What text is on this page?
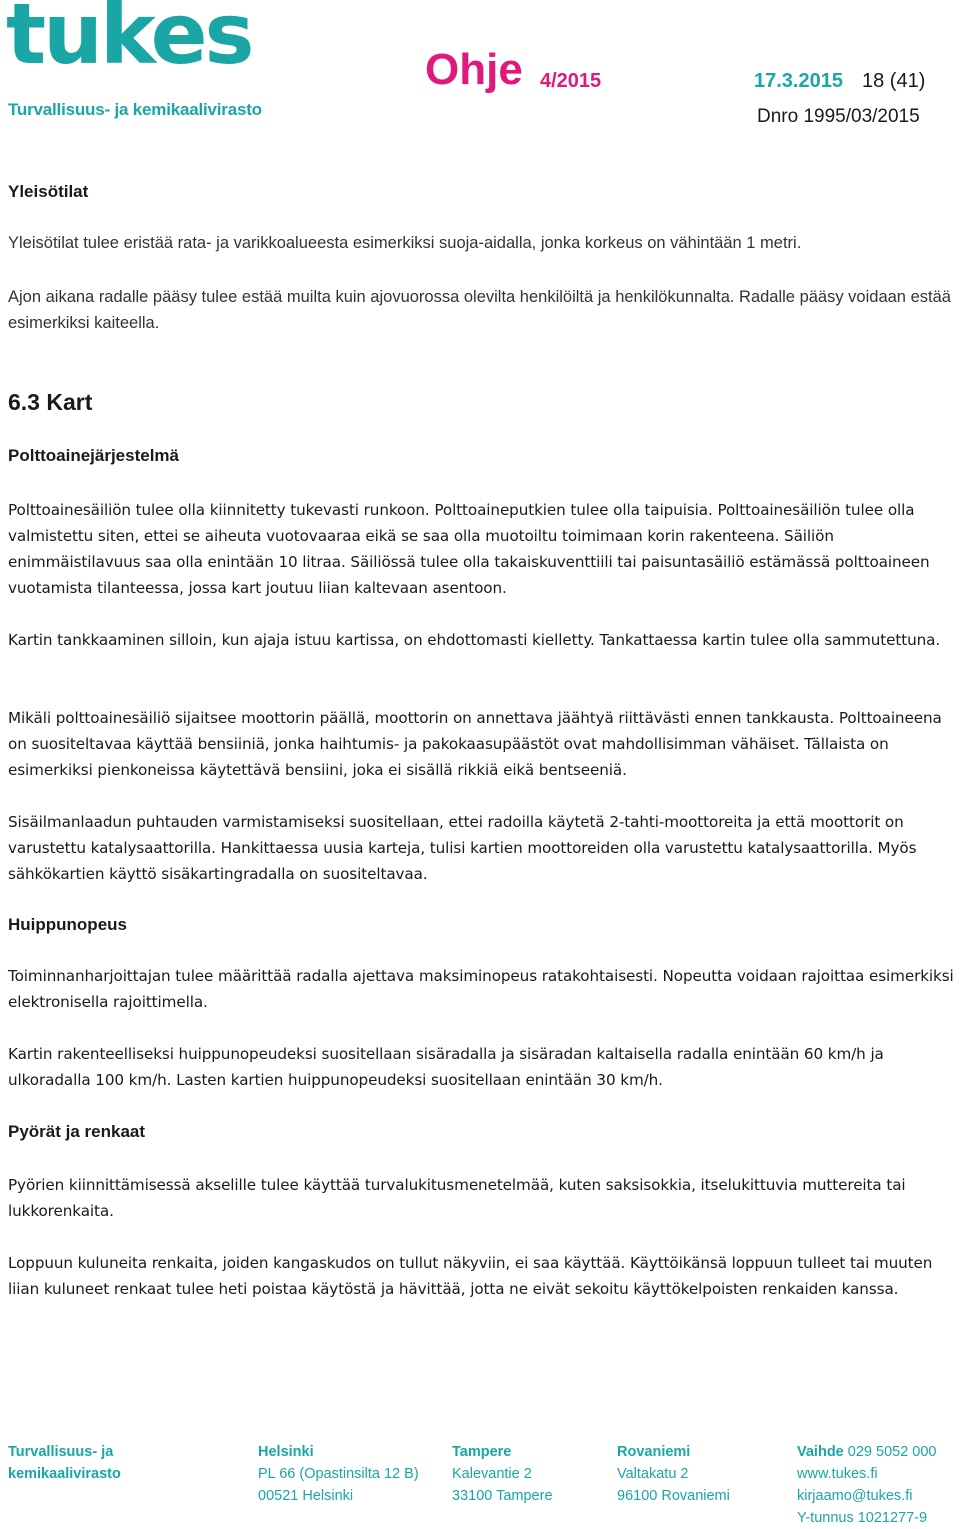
tukes
Turvallisuus- ja kemikaalivirasto
Ohje 4/2015	17.3.2015 18 (41)
Dnro 1995/03/2015
Yleisötilat

Yleisötilat tulee eristää rata- ja varikkoalueesta esimerkiksi suoja-aidalla, jonka korkeus on vähintään 1 metri.

Ajon aikana radalle pääsy tulee estää muilta kuin ajovuorossa olevilta henkilöiltä ja henkilökunnalta. Radalle pääsy voidaan estää esimerkiksi kaiteella.

6.3 Kart
Polttoainejärjestelmä

Polttoainesäiliön tulee olla kiinnitetty tukevasti runkoon. Polttoaineputkien tulee olla taipuisia. Polttoainesäiliön tulee olla valmistettu siten, ettei se aiheuta vuotovaaraa eikä se saa olla muotoiltu toimimaan korin rakenteena. Säiliön enimmäistilavuus saa olla enintään 10 litraa. Säiliössä tulee olla takaiskuventtiili tai paisuntasäiliö estämässä polttoaineen vuotamista tilanteessa, jossa kart joutuu liian kaltevaan asentoon.

Kartin tankkaaminen silloin, kun ajaja istuu kartissa, on ehdottomasti kielletty. Tankattaessa kartin tulee olla sammutettuna.

Mikäli polttoainesäiliö sijaitsee moottorin päällä, moottorin on annettava jäähtyä riittävästi ennen tankkausta. Polttoaineena on suositeltavaa käyttää bensiiniä, jonka haihtumis- ja pakokaasupäästöt ovat mahdollisimman vähäiset. Tällaista on esimerkiksi pienkoneissa käytettävä bensiini, joka ei sisällä rikkiä eikä bentseeniä.

Sisäilmanlaadun puhtauden varmistamiseksi suositellaan, ettei radoilla käytetä 2-tahti-moottoreita ja että moottorit on varustettu katalysaattorilla. Hankittaessa uusia karteja, tulisi kartien moottoreiden olla varustettu katalysaattorilla. Myös sähkökartien käyttö sisäkartingradalla on suositeltavaa.

Huippunopeus

Toiminnanharjoittajan tulee määrittää radalla ajettava maksiminopeus ratakohtaisesti. Nopeutta voidaan rajoittaa esimerkiksi elektronisella rajoittimella.

Kartin rakenteelliseksi huippunopeudeksi suositellaan sisäradalla ja sisäradan kaltaisella radalla enintään 60 km/h ja ulkoradalla 100 km/h. Lasten kartien huippunopeudeksi suositellaan enintään 30 km/h.

Pyörät ja renkaat

Pyörien kiinnittämisessä akselille tulee käyttää turvalukitusmenetelmää, kuten saksisokkia, itselukittuvia muttereita tai lukkorenkaita.

Loppuun kuluneita renkaita, joiden kangaskudos on tullut näkyviin, ei saa käyttää. Käyttöikänsä loppuun tulleet tai muuten liian kuluneet renkaat tulee heti poistaa käytöstä ja hävittää, jotta ne eivät sekoitu käyttökelpoisten renkaiden kanssa.

Turvallisuus- ja
kemikaalivirasto
Helsinki
PL 66 (Opastinsilta 12 B)
00521 Helsinki
Tampere
Kalevantie 2
33100 Tampere
Rovaniemi
Valtakatu 2
96100 Rovaniemi
Vaihde 029 5052 000
www.tukes.fi
kirjaamo@tukes.fi
Y-tunnus 1021277-9
